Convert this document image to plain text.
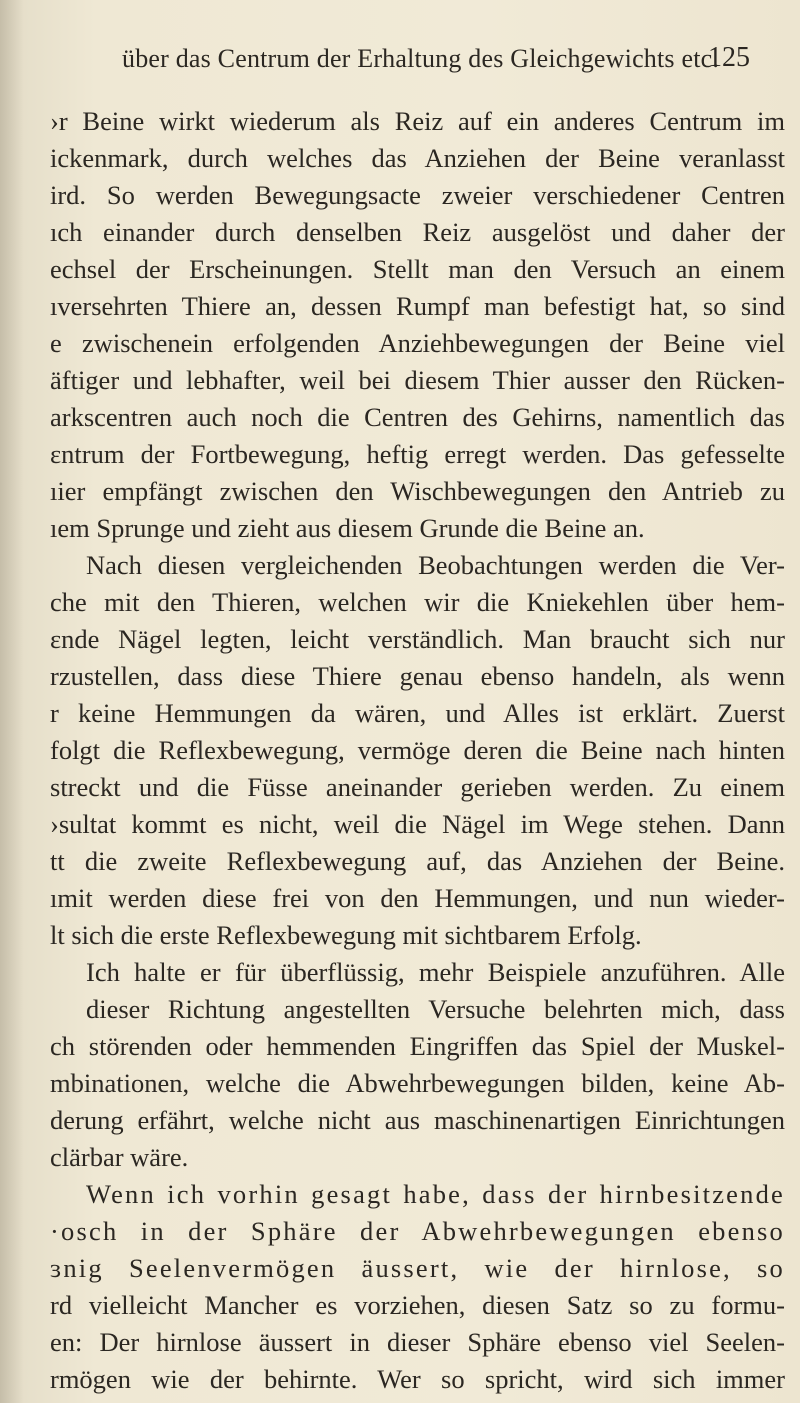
über das Centrum der Erhaltung des Gleichgewichts etc.
125
›r Beine wirkt wiederum als Reiz auf ein anderes Centrum im
ickenmark, durch welches das Anziehen der Beine veranlasst
ird. So werden Bewegungsacte zweier verschiedener Centren
ıch einander durch denselben Reiz ausgelöst und daher der
echsel der Erscheinungen. Stellt man den Versuch an einem
ıversehrten Thiere an, dessen Rumpf man befestigt hat, so sind
e zwischenein erfolgenden Anziehbewegungen der Beine viel
äftiger und lebhafter, weil bei diesem Thier ausser den Rücken-
arkscentren auch noch die Centren des Gehirns, namentlich das
ɛntrum der Fortbewegung, heftig erregt werden. Das gefesselte
ıier empfängt zwischen den Wischbewegungen den Antrieb zu
ıem Sprunge und zieht aus diesem Grunde die Beine an.
Nach diesen vergleichenden Beobachtungen werden die Ver-
che mit den Thieren, welchen wir die Kniekehlen über hem-
ɛnde Nägel legten, leicht verständlich. Man braucht sich nur
rzustellen, dass diese Thiere genau ebenso handeln, als wenn
r keine Hemmungen da wären, und Alles ist erklärt. Zuerst
folgt die Reflexbewegung, vermöge deren die Beine nach hinten
streckt und die Füsse aneinander gerieben werden. Zu einem
›sultat kommt es nicht, weil die Nägel im Wege stehen. Dann
tt die zweite Reflexbewegung auf, das Anziehen der Beine.
ımit werden diese frei von den Hemmungen, und nun wieder-
lt sich die erste Reflexbewegung mit sichtbarem Erfolg.
Ich halte er für überflüssig, mehr Beispiele anzuführen. Alle
dieser Richtung angestellten Versuche belehrten mich, dass
ch störenden oder hemmenden Eingriffen das Spiel der Muskel-
mbinationen, welche die Abwehrbewegungen bilden, keine Ab-
derung erfährt, welche nicht aus maschinenartigen Einrichtungen
clärbar wäre.
Wenn ich vorhin gesagt habe, dass der hirnbesitzende
·osch in der Sphäre der Abwehrbewegungen ebenso
ɜnig Seelenvermögen äussert, wie der hirnlose, so
rd vielleicht Mancher es vorziehen, diesen Satz so zu formu-
en: Der hirnlose äussert in dieser Sphäre ebenso viel Seelen-
rmögen wie der behirnte. Wer so spricht, wird sich immer
